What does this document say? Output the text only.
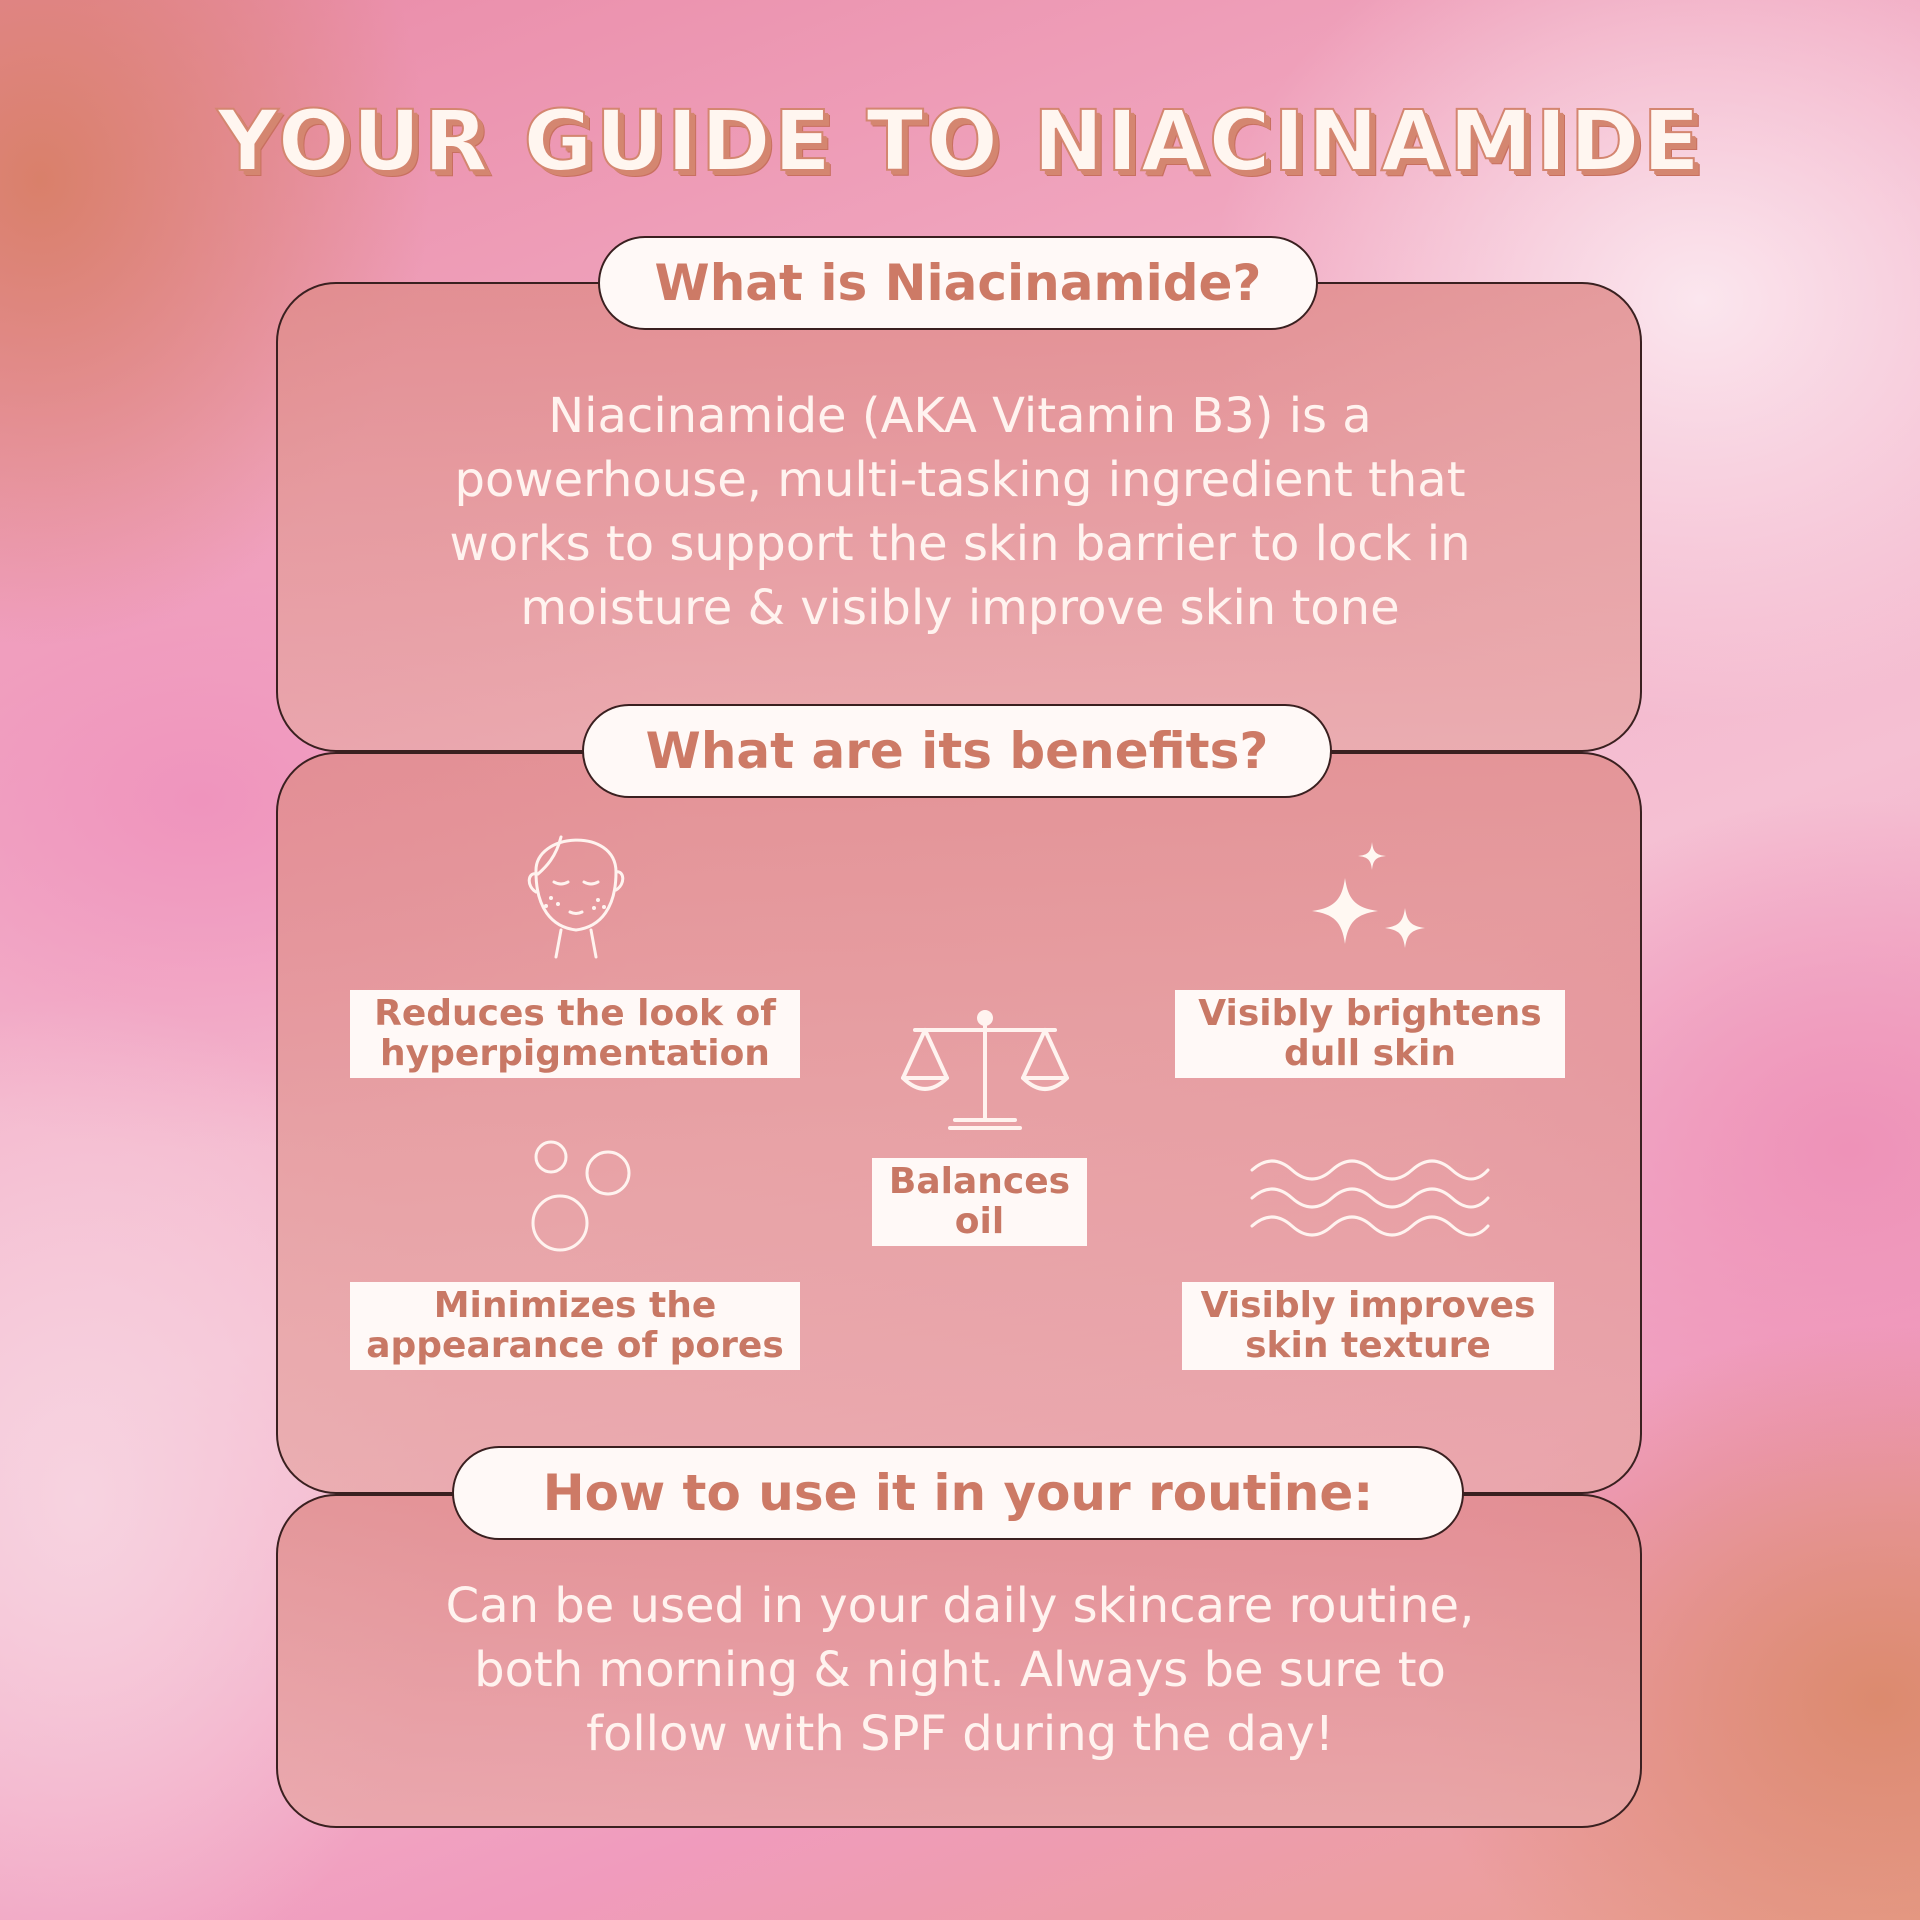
YOUR GUIDE TO NIACINAMIDE
What is Niacinamide?
Niacinamide (AKA Vitamin B3) is a
powerhouse, multi-tasking ingredient that
works to support the skin barrier to lock in
moisture & visibly improve skin tone
What are its benefits?
Reduces the look of
hyperpigmentation
Visibly brightens
dull skin
Balances
oil
Minimizes the
appearance of pores
Visibly improves
skin texture
How to use it in your routine:
Can be used in your daily skincare routine,
both morning & night. Always be sure to
follow with SPF during the day!
